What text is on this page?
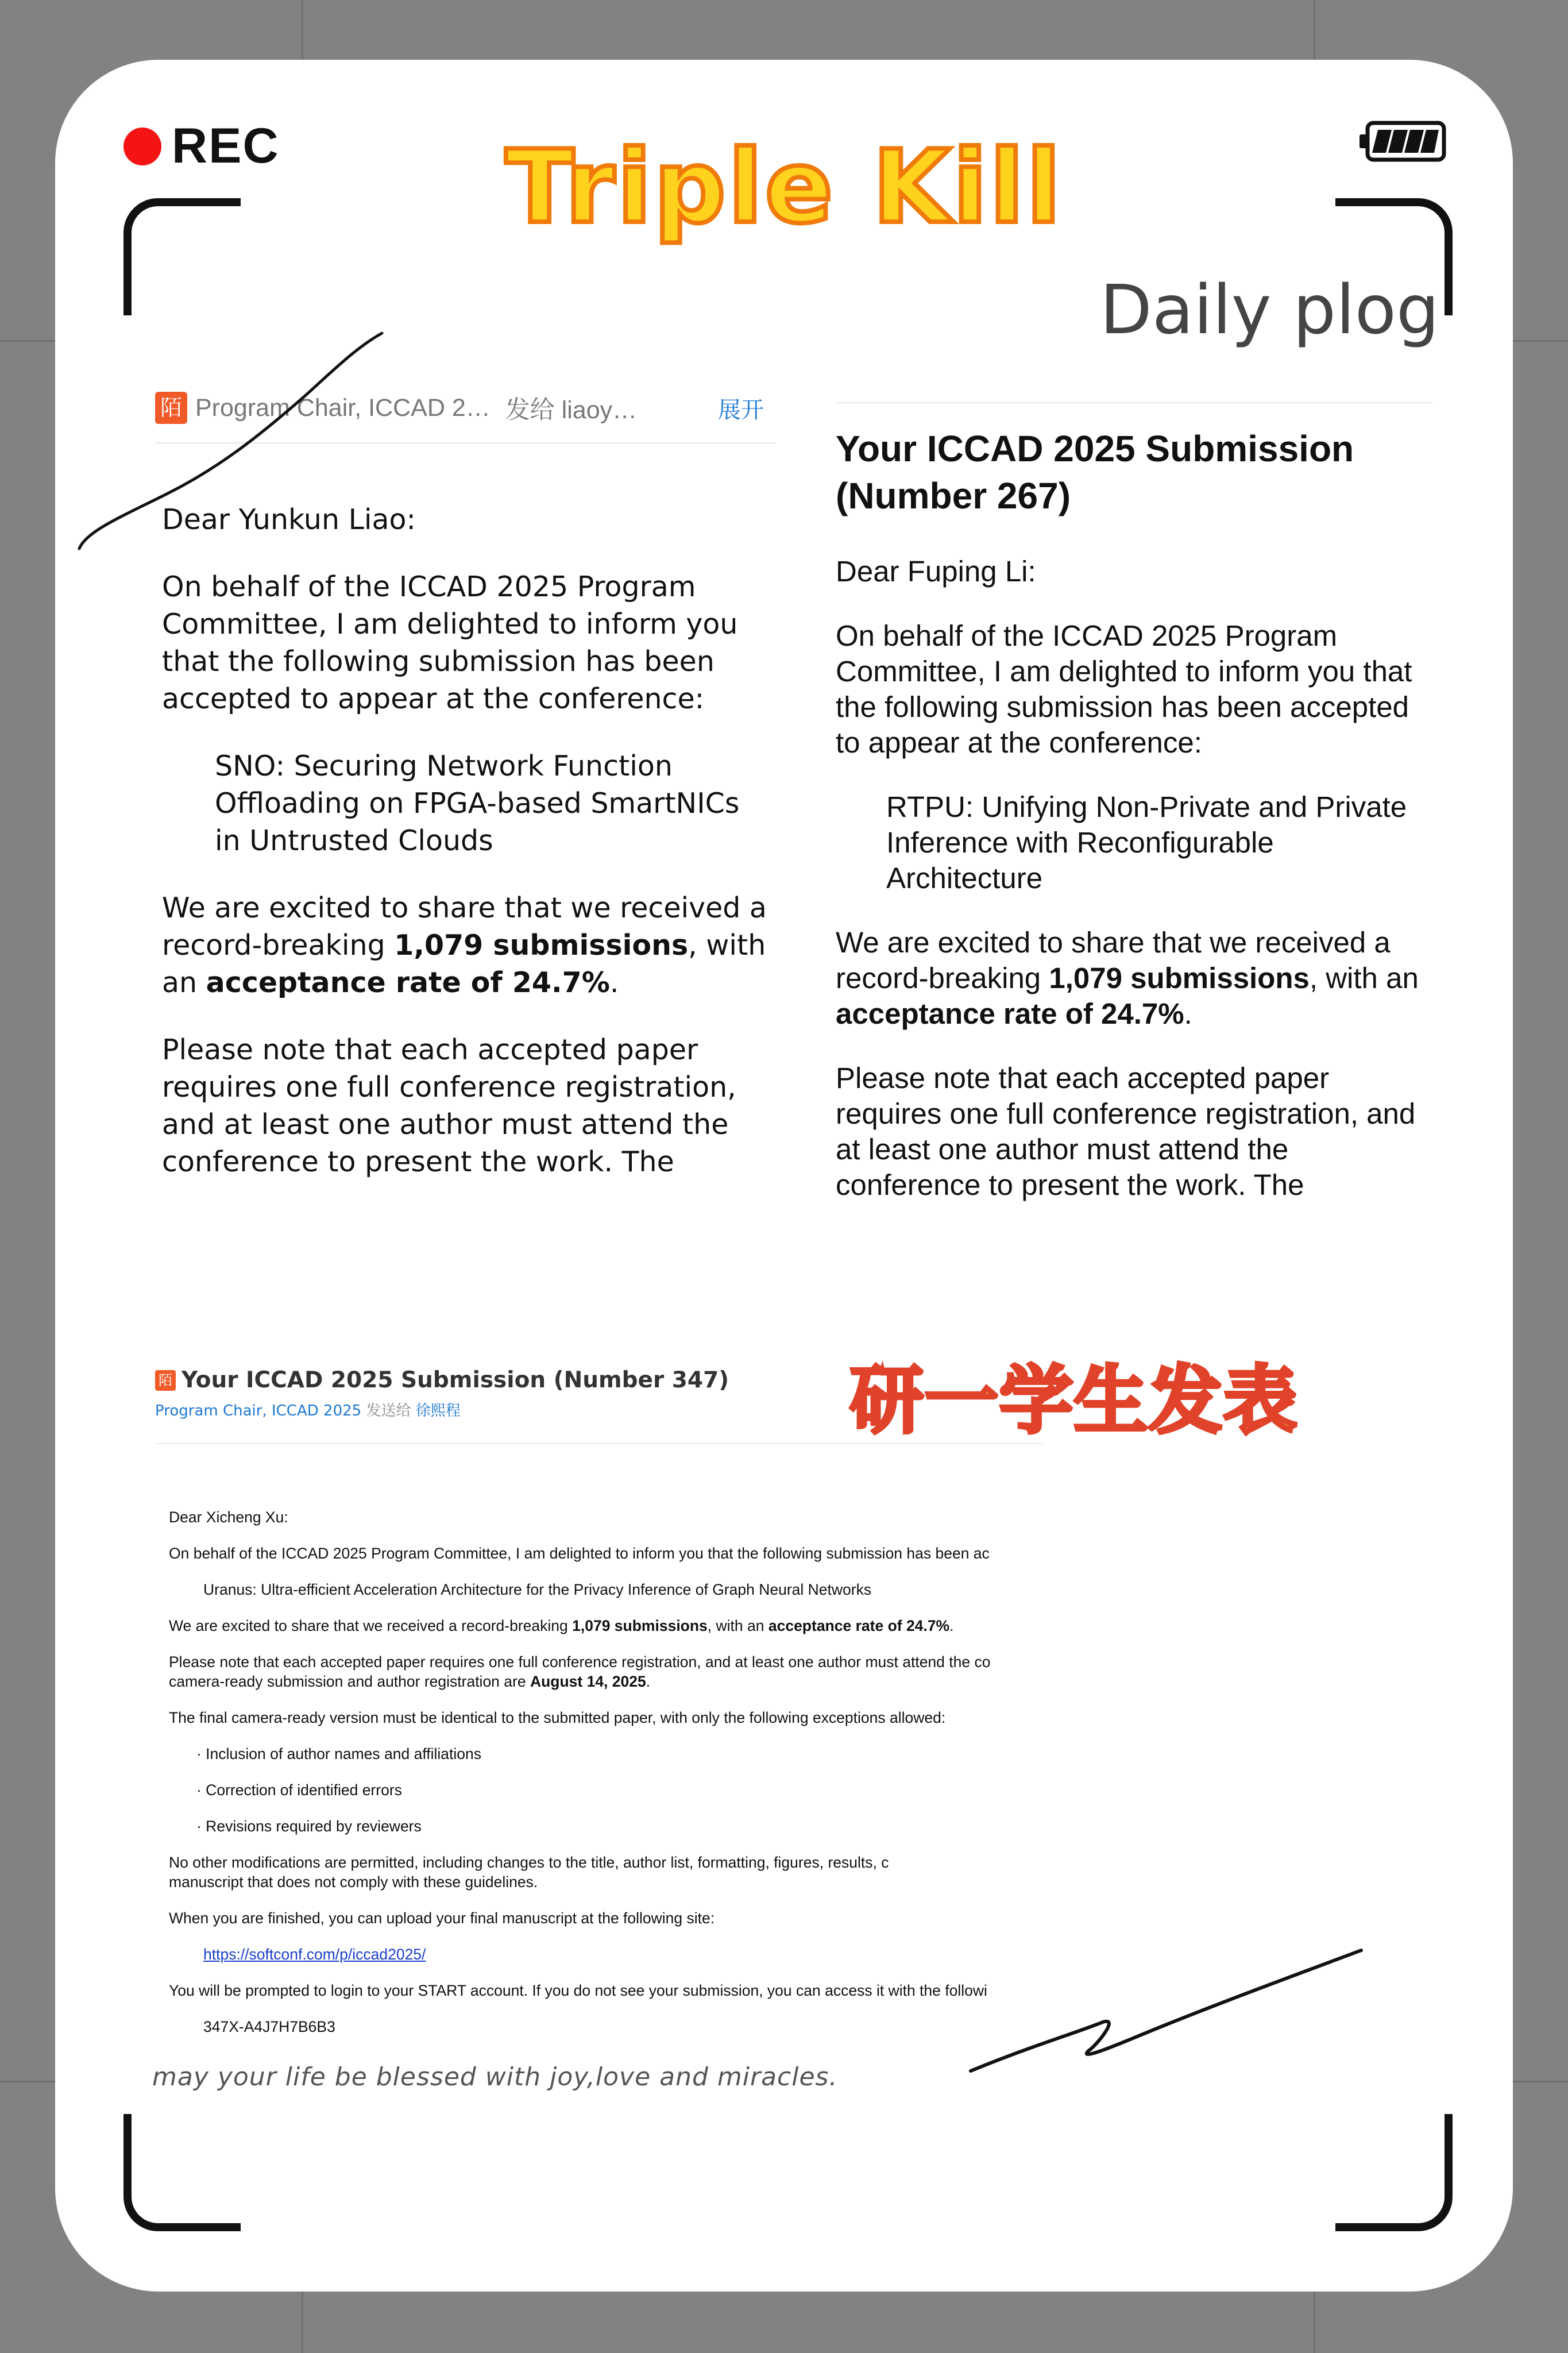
REC Triple Kill
Daily plog
陌 Program Chair, ICCAD 2… 发给 liaoy…	展开

Dear Yunkun Liao:

On behalf of the ICCAD 2025 Program Committee, I am delighted to inform you that the following submission has been accepted to appear at the conference:

SNO: Securing Network Function Offloading on FPGA-based SmartNICs in Untrusted Clouds

We are excited to share that we received a record-breaking 1,079 submissions, with an acceptance rate of 24.7%.

Please note that each accepted paper requires one full conference registration, and at least one author must attend the conference to present the work. The

Your ICCAD 2025 Submission (Number 267)

Dear Fuping Li:

On behalf of the ICCAD 2025 Program Committee, I am delighted to inform you that the following submission has been accepted to appear at the conference:

RTPU: Unifying Non-Private and Private Inference with Reconfigurable Architecture

We are excited to share that we received a record-breaking 1,079 submissions, with an acceptance rate of 24.7%.

Please note that each accepted paper requires one full conference registration, and at least one author must attend the conference to present the work. The

陌 Your ICCAD 2025 Submission (Number 347)
Program Chair, ICCAD 2025 发送给 徐熙程

Dear Xicheng Xu:

On behalf of the ICCAD 2025 Program Committee, I am delighted to inform you that the following submission has been ac

Uranus: Ultra-efficient Acceleration Architecture for the Privacy Inference of Graph Neural Networks

We are excited to share that we received a record-breaking 1,079 submissions, with an acceptance rate of 24.7%.

Please note that each accepted paper requires one full conference registration, and at least one author must attend the co
camera-ready submission and author registration are August 14, 2025.

The final camera-ready version must be identical to the submitted paper, with only the following exceptions allowed:

· Inclusion of author names and affiliations

· Correction of identified errors

· Revisions required by reviewers

No other modifications are permitted, including changes to the title, author list, formatting, figures, results, c
manuscript that does not comply with these guidelines.

When you are finished, you can upload your final manuscript at the following site:

https://softconf.com/p/iccad2025/

You will be prompted to login to your START account. If you do not see your submission, you can access it with the followi

347X-A4J7H7B6B3

研一学生发表
may your life be blessed with joy,love and miracles.
